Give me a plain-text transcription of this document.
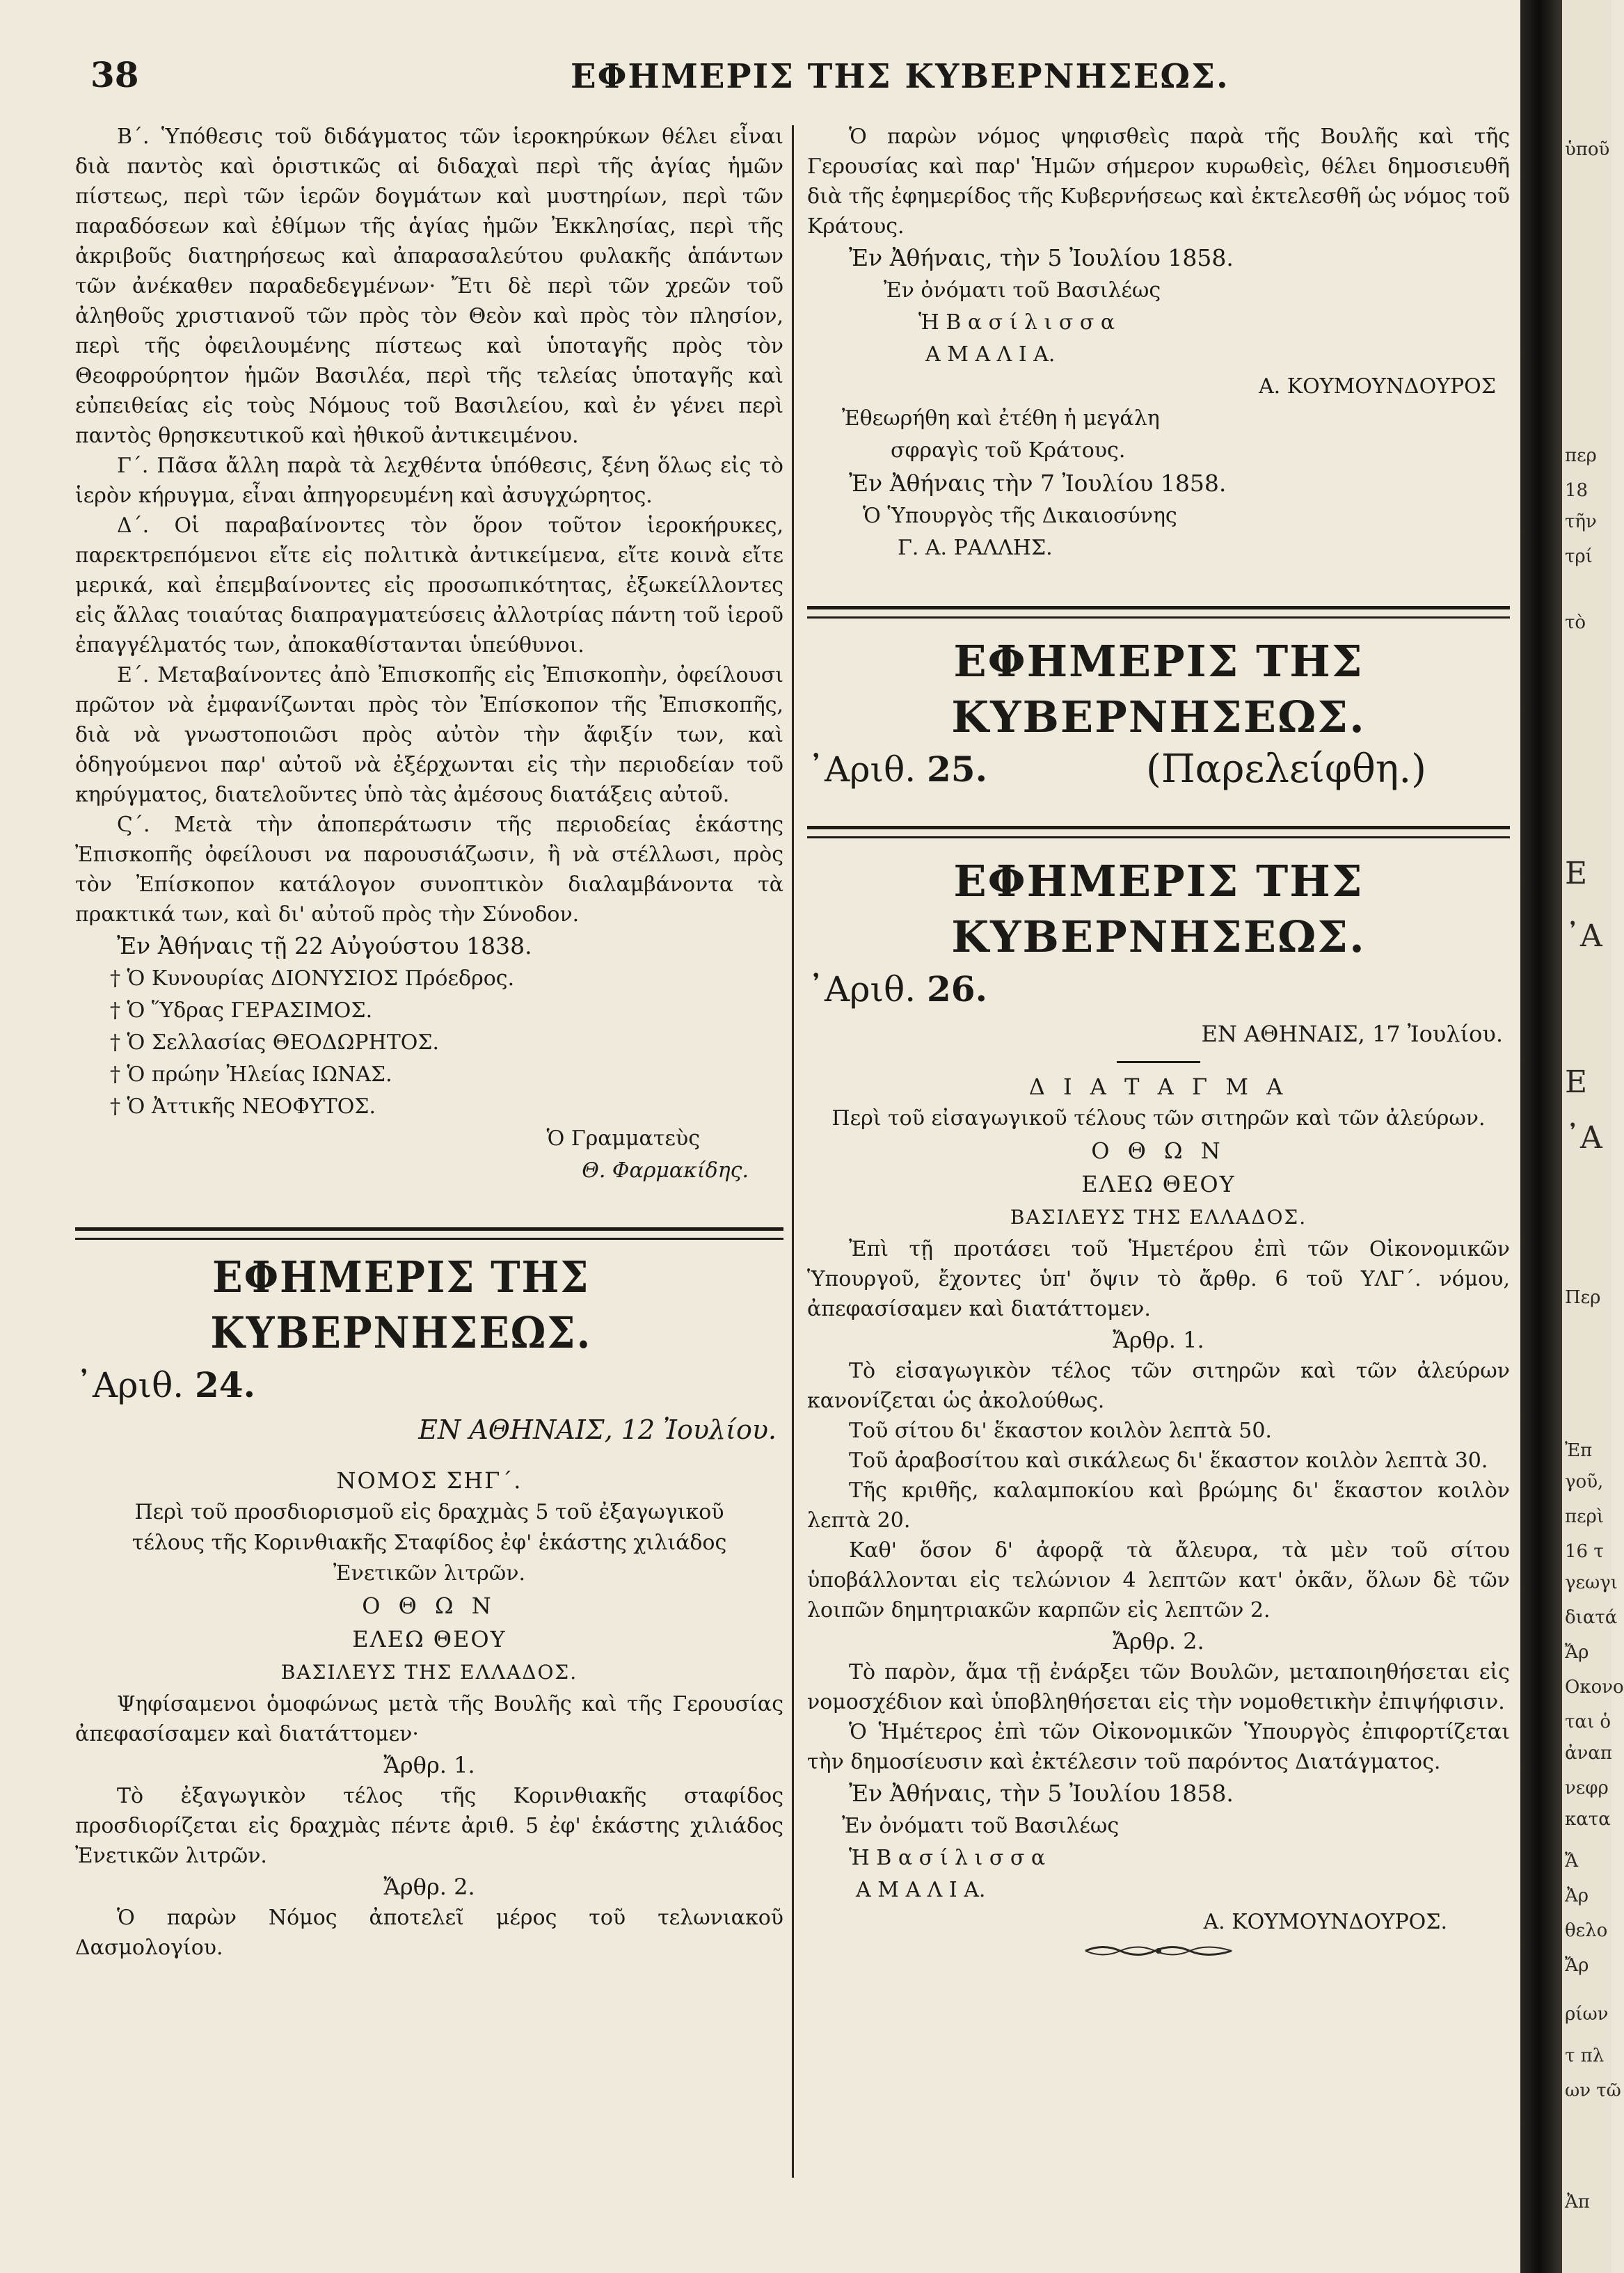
38	ΕΦΗΜΕΡΙΣ ΤΗΣ ΚΥΒΕΡΝΗΣΕΩΣ.

Β΄. Ὑπόθεσις τοῦ διδάγματος τῶν ἱεροκηρύκων θέλει εἶναι διὰ παντὸς καὶ ὁριστικῶς αἱ διδαχαὶ περὶ τῆς ἁγίας ἡμῶν πίστεως, περὶ τῶν ἱερῶν δογμάτων καὶ μυστηρίων, περὶ τῶν παραδόσεων καὶ ἐθίμων τῆς ἁγίας ἡμῶν Ἐκκλησίας, περὶ τῆς ἀκριβοῦς διατηρήσεως καὶ ἀπαρασαλεύτου φυλακῆς ἁπάντων τῶν ἀνέκαθεν παραδεδεγμένων· Ἔτι δὲ περὶ τῶν χρεῶν τοῦ ἀληθοῦς χριστιανοῦ τῶν πρὸς τὸν Θεὸν καὶ πρὸς τὸν πλησίον, περὶ τῆς ὀφειλουμένης πίστεως καὶ ὑποταγῆς πρὸς τὸν Θεοφρούρητον ἡμῶν Βασιλέα, περὶ τῆς τελείας ὑποταγῆς καὶ εὐπειθείας εἰς τοὺς Νόμους τοῦ Βασιλείου, καὶ ἐν γένει περὶ παντὸς θρησκευτικοῦ καὶ ἠθικοῦ ἀντικειμένου.

Γ΄. Πᾶσα ἄλλη παρὰ τὰ λεχθέντα ὑπόθεσις, ξένη ὅλως εἰς τὸ ἱερὸν κήρυγμα, εἶναι ἀπηγορευμένη καὶ ἀσυγχώρητος.

Δ΄. Οἱ παραβαίνοντες τὸν ὅρον τοῦτον ἱεροκήρυκες, παρεκτρεπόμενοι εἴτε εἰς πολιτικὰ ἀντικείμενα, εἴτε κοινὰ εἴτε μερικά, καὶ ἐπεμβαίνοντες εἰς προσωπικότητας, ἐξωκείλλοντες εἰς ἄλλας τοιαύτας διαπραγματεύσεις ἀλλοτρίας πάντη τοῦ ἱεροῦ ἐπαγγέλματός των, ἀποκαθίστανται ὑπεύθυνοι.

Ε΄. Μεταβαίνοντες ἀπὸ Ἐπισκοπῆς εἰς Ἐπισκοπὴν, ὀφείλουσι πρῶτον νὰ ἐμφανίζωνται πρὸς τὸν Ἐπίσκοπον τῆς Ἐπισκοπῆς, διὰ νὰ γνωστοποιῶσι πρὸς αὐτὸν τὴν ἄφιξίν των, καὶ ὁδηγούμενοι παρ' αὐτοῦ νὰ ἐξέρχωνται εἰς τὴν περιοδείαν τοῦ κηρύγματος, διατελοῦντες ὑπὸ τὰς ἀμέσους διατάξεις αὐτοῦ.

Ϛ΄. Μετὰ τὴν ἀποπεράτωσιν τῆς περιοδείας ἑκάστης Ἐπισκοπῆς ὀφείλουσι να παρουσιάζωσιν, ἢ νὰ στέλλωσι, πρὸς τὸν Ἐπίσκοπον κατάλογον συνοπτικὸν διαλαμβάνοντα τὰ πρακτικά των, καὶ δι' αὐτοῦ πρὸς τὴν Σύνοδον.

Ἐν Ἀθήναις τῇ 22 Αὐγούστου 1838.
† Ὁ Κυνουρίας ΔΙΟΝΥΣΙΟΣ Πρόεδρος.
† Ὁ Ὕδρας ΓΕΡΑΣΙΜΟΣ.
† Ὁ Σελλασίας ΘΕΟΔΩΡΗΤΟΣ.
† Ὁ πρώην Ἠλείας ΙΩΝΑΣ.
† Ὁ Ἀττικῆς ΝΕΟΦΥΤΟΣ.
Ὁ Γραμματεὺς
Θ. Φαρμακίδης.
ΕΦΗΜΕΡΙΣ ΤΗΣ ΚΥΒΕΡΝΗΣΕΩΣ.
᾿Αριθ. 24.
ΕΝ ΑΘΗΝΑΙΣ, 12 Ἰουλίου.
ΝΟΜΟΣ ΣΗΓ΄.
Περὶ τοῦ προσδιορισμοῦ εἰς δραχμὰς 5 τοῦ ἐξαγωγικοῦ τέλους τῆς Κορινθιακῆς Σταφίδος ἐφ' ἑκάστης χιλιάδος Ἐνετικῶν λιτρῶν.
Ο Θ Ω Ν
ΕΛΕΩ ΘΕΟΥ
ΒΑΣΙΛΕΥΣ ΤΗΣ ΕΛΛΑΔΟΣ.

Ψηφίσαμενοι ὁμοφώνως μετὰ τῆς Βουλῆς καὶ τῆς Γερουσίας ἀπεφασίσαμεν καὶ διατάττομεν·

Ἄρθρ. 1.

Τὸ ἐξαγωγικὸν τέλος τῆς Κορινθιακῆς σταφίδος προσδιορίζεται εἰς δραχμὰς πέντε ἀριθ. 5 ἐφ' ἑκάστης χιλιάδος Ἐνετικῶν λιτρῶν.

Ἄρθρ. 2.

Ὁ παρὼν Νόμος ἀποτελεῖ μέρος τοῦ τελωνιακοῦ Δασμολογίου.

Ὁ παρὼν νόμος ψηφισθεὶς παρὰ τῆς Βουλῆς καὶ τῆς Γερουσίας καὶ παρ' Ἡμῶν σήμερον κυρωθεὶς, θέλει δημοσιευθῆ διὰ τῆς ἐφημερίδος τῆς Κυβερνήσεως καὶ ἐκτελεσθῆ ὡς νόμος τοῦ Κράτους.

Ἐν Ἀθήναις, τὴν 5 Ἰουλίου 1858.
Ἐν ὀνόματι τοῦ Βασιλέως
Ἡ Β α σ ί λ ι σ σ α
Α Μ Α Λ Ι Α.
Α. ΚΟΥΜΟΥΝΔΟΥΡΟΣ
Ἐθεωρήθη καὶ ἐτέθη ἡ μεγάλη
σφραγὶς τοῦ Κράτους.
Ἐν Ἀθήναις τὴν 7 Ἰουλίου 1858.
Ὁ Ὑπουργὸς τῆς Δικαιοσύνης
Γ. Α. ΡΑΛΛΗΣ.
ΕΦΗΜΕΡΙΣ ΤΗΣ ΚΥΒΕΡΝΗΣΕΩΣ.
᾿Αριθ. 25.	(Παρελείφθη.)
ΕΦΗΜΕΡΙΣ ΤΗΣ ΚΥΒΕΡΝΗΣΕΩΣ.
᾿Αριθ. 26.
ΕΝ ΑΘΗΝΑΙΣ, 17 Ἰουλίου.
Δ Ι Α Τ Α Γ Μ Α
Περὶ τοῦ εἰσαγωγικοῦ τέλους τῶν σιτηρῶν καὶ τῶν ἀλεύρων.
Ο Θ Ω Ν
ΕΛΕΩ ΘΕΟΥ
ΒΑΣΙΛΕΥΣ ΤΗΣ ΕΛΛΑΔΟΣ.

Ἐπὶ τῇ προτάσει τοῦ Ἡμετέρου ἐπὶ τῶν Οἰκονομικῶν Ὑπουργοῦ, ἔχοντες ὑπ' ὄψιν τὸ ἄρθρ. 6 τοῦ ΥΛΓ΄. νόμου, ἀπεφασίσαμεν καὶ διατάττομεν.

Ἄρθρ. 1.

Τὸ εἰσαγωγικὸν τέλος τῶν σιτηρῶν καὶ τῶν ἀλεύρων κανονίζεται ὡς ἀκολούθως.

Τοῦ σίτου δι' ἕκαστον κοιλὸν λεπτὰ 50.

Τοῦ ἀραβοσίτου καὶ σικάλεως δι' ἕκαστον κοιλὸν λεπτὰ 30.

Τῆς κριθῆς, καλαμποκίου καὶ βρώμης δι' ἕκαστον κοιλὸν λεπτὰ 20.

Καθ' ὅσον δ' ἀφορᾷ τὰ ἄλευρα, τὰ μὲν τοῦ σίτου ὑποβάλλονται εἰς τελώνιον 4 λεπτῶν κατ' ὀκᾶν, ὅλων δὲ τῶν λοιπῶν δημητριακῶν καρπῶν εἰς λεπτῶν 2.

Ἄρθρ. 2.

Τὸ παρὸν, ἅμα τῇ ἐνάρξει τῶν Βουλῶν, μεταποιηθήσεται εἰς νομοσχέδιον καὶ ὑποβληθήσεται εἰς τὴν νομοθετικὴν ἐπιψήφισιν.

Ὁ Ἡμέτερος ἐπὶ τῶν Οἰκονομικῶν Ὑπουργὸς ἐπιφορτίζεται τὴν δημοσίευσιν καὶ ἐκτέλεσιν τοῦ παρόντος Διατάγματος.

Ἐν Ἀθήναις, τὴν 5 Ἰουλίου 1858.
Ἐν ὀνόματι τοῦ Βασιλέως
Ἡ Β α σ ί λ ι σ σ α
Α Μ Α Λ Ι Α.
Α. ΚΟΥΜΟΥΝΔΟΥΡΟΣ.
ὑποῦ
περ
18
τῆν
τρί
τὸ
Ε
᾿Α
Ε
᾿Α
Περ
Ἐπ
γοῦ,
περὶ
16 τ
γεωγι
διατά
Ἄρ
Οκονο
ται ὁ
ἀναπ
νεφρ
κατα
Ἄ
Ἀρ
θελο
Ἄρ
ρίων
τ πλ
ων τῶ
Ἀπ
